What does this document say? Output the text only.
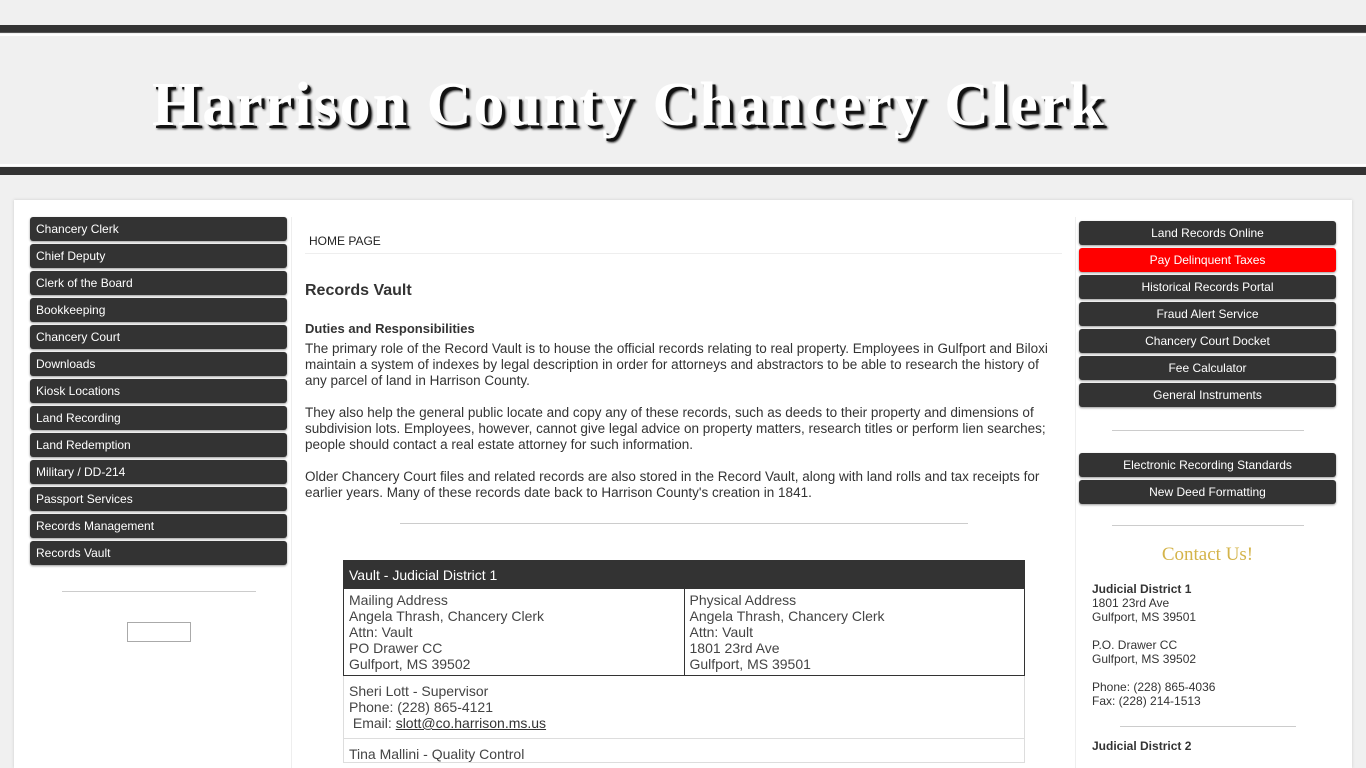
Harrison County Chancery Clerk
Chancery Clerk
Chief Deputy
Clerk of the Board
Bookkeeping
Chancery Court
Downloads
Kiosk Locations
Land Recording
Land Redemption
Military / DD-214
Passport Services
Records Management
Records Vault
HOME PAGE
Records Vault
Duties and Responsibilities

The primary role of the Record Vault is to house the official records relating to real property. Employees in Gulfport and Biloxi maintain a system of indexes by legal description in order for attorneys and abstractors to be able to research the history of any parcel of land in Harrison County.

They also help the general public locate and copy any of these records, such as deeds to their property and dimensions of subdivision lots. Employees, however, cannot give legal advice on property matters, research titles or perform lien searches; people should contact a real estate attorney for such information.

Older Chancery Court files and related records are also stored in the Record Vault, along with land rolls and tax receipts for earlier years. Many of these records date back to Harrison County's creation in 1841.

Vault - Judicial District 1

Mailing Address
Angela Thrash, Chancery Clerk
Attn: Vault
PO Drawer CC
Gulfport, MS 39502

Physical Address
Angela Thrash, Chancery Clerk
Attn: Vault
1801 23rd Ave
Gulfport, MS 39501

Sheri Lott - Supervisor
Phone: (228) 865-4121
Email: slott@co.harrison.ms.us

Tina Mallini - Quality Control
Land Records Online
Pay Delinquent Taxes
Historical Records Portal
Fraud Alert Service
Chancery Court Docket
Fee Calculator
General Instruments
Electronic Recording Standards
New Deed Formatting
Contact Us!
Judicial District 1
1801 23rd Ave
Gulfport, MS 39501
P.O. Drawer CC
Gulfport, MS 39502
Phone: (228) 865-4036
Fax: (228) 214-1513
Judicial District 2
